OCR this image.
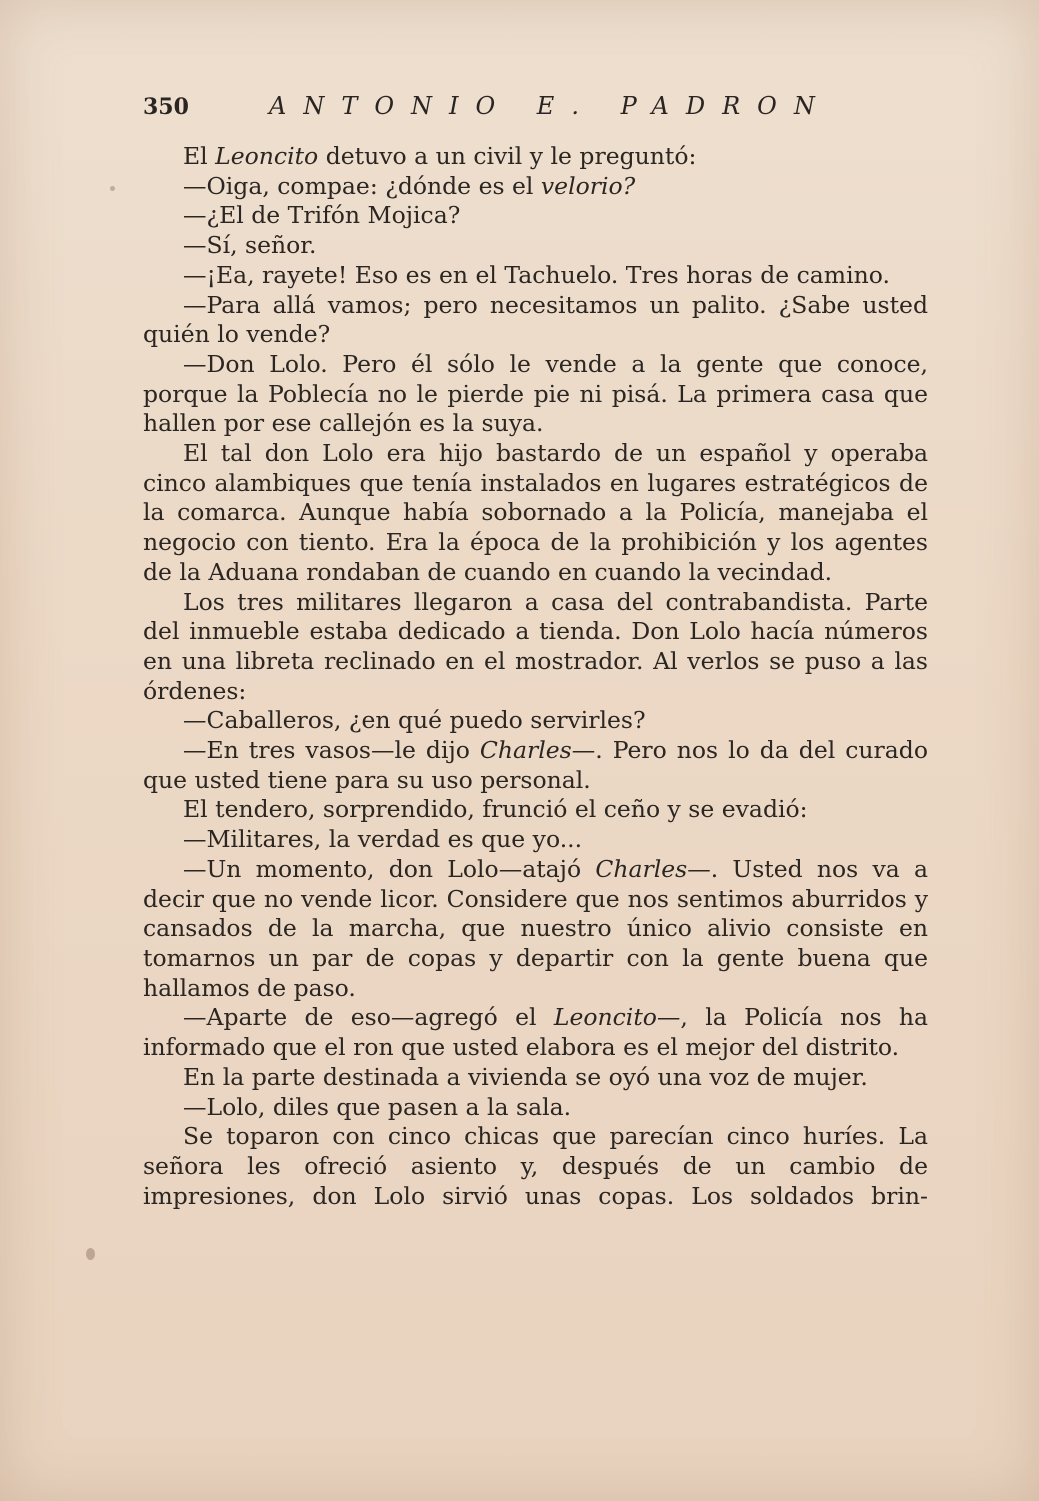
350	ANTONIO E. PADRON

El Leoncito detuvo a un civil y le preguntó:

—Oiga, compae: ¿dónde es el velorio?

—¿El de Trifón Mojica?

—Sí, señor.

—¡Ea, rayete! Eso es en el Tachuelo. Tres horas de camino.

—Para allá vamos; pero necesitamos un palito. ¿Sabe usted quién lo vende?

—Don Lolo. Pero él sólo le vende a la gente que conoce, porque la Poblecía no le pierde pie ni pisá. La primera casa que hallen por ese callejón es la suya.

El tal don Lolo era hijo bastardo de un español y operaba cinco alambiques que tenía instalados en lugares estratégicos de la comarca. Aunque había sobornado a la Policía, manejaba el negocio con tiento. Era la época de la prohibición y los agentes de la Aduana rondaban de cuando en cuando la vecindad.

Los tres militares llegaron a casa del contrabandista. Parte del inmueble estaba dedicado a tienda. Don Lolo hacía números en una libreta reclinado en el mostrador. Al verlos se puso a las órdenes:

—Caballeros, ¿en qué puedo servirles?

—En tres vasos—le dijo Charles—. Pero nos lo da del curado que usted tiene para su uso personal.

El tendero, sorprendido, frunció el ceño y se evadió:

—Militares, la verdad es que yo...

—Un momento, don Lolo—atajó Charles—. Usted nos va a decir que no vende licor. Considere que nos sentimos aburridos y cansados de la marcha, que nuestro único alivio consiste en tomarnos un par de copas y departir con la gente buena que hallamos de paso.

—Aparte de eso—agregó el Leoncito—, la Policía nos ha informado que el ron que usted elabora es el mejor del distrito.

En la parte destinada a vivienda se oyó una voz de mujer.

—Lolo, diles que pasen a la sala.

Se toparon con cinco chicas que parecían cinco huríes. La señora les ofreció asiento y, después de un cambio de impresiones, don Lolo sirvió unas copas. Los soldados brin-
